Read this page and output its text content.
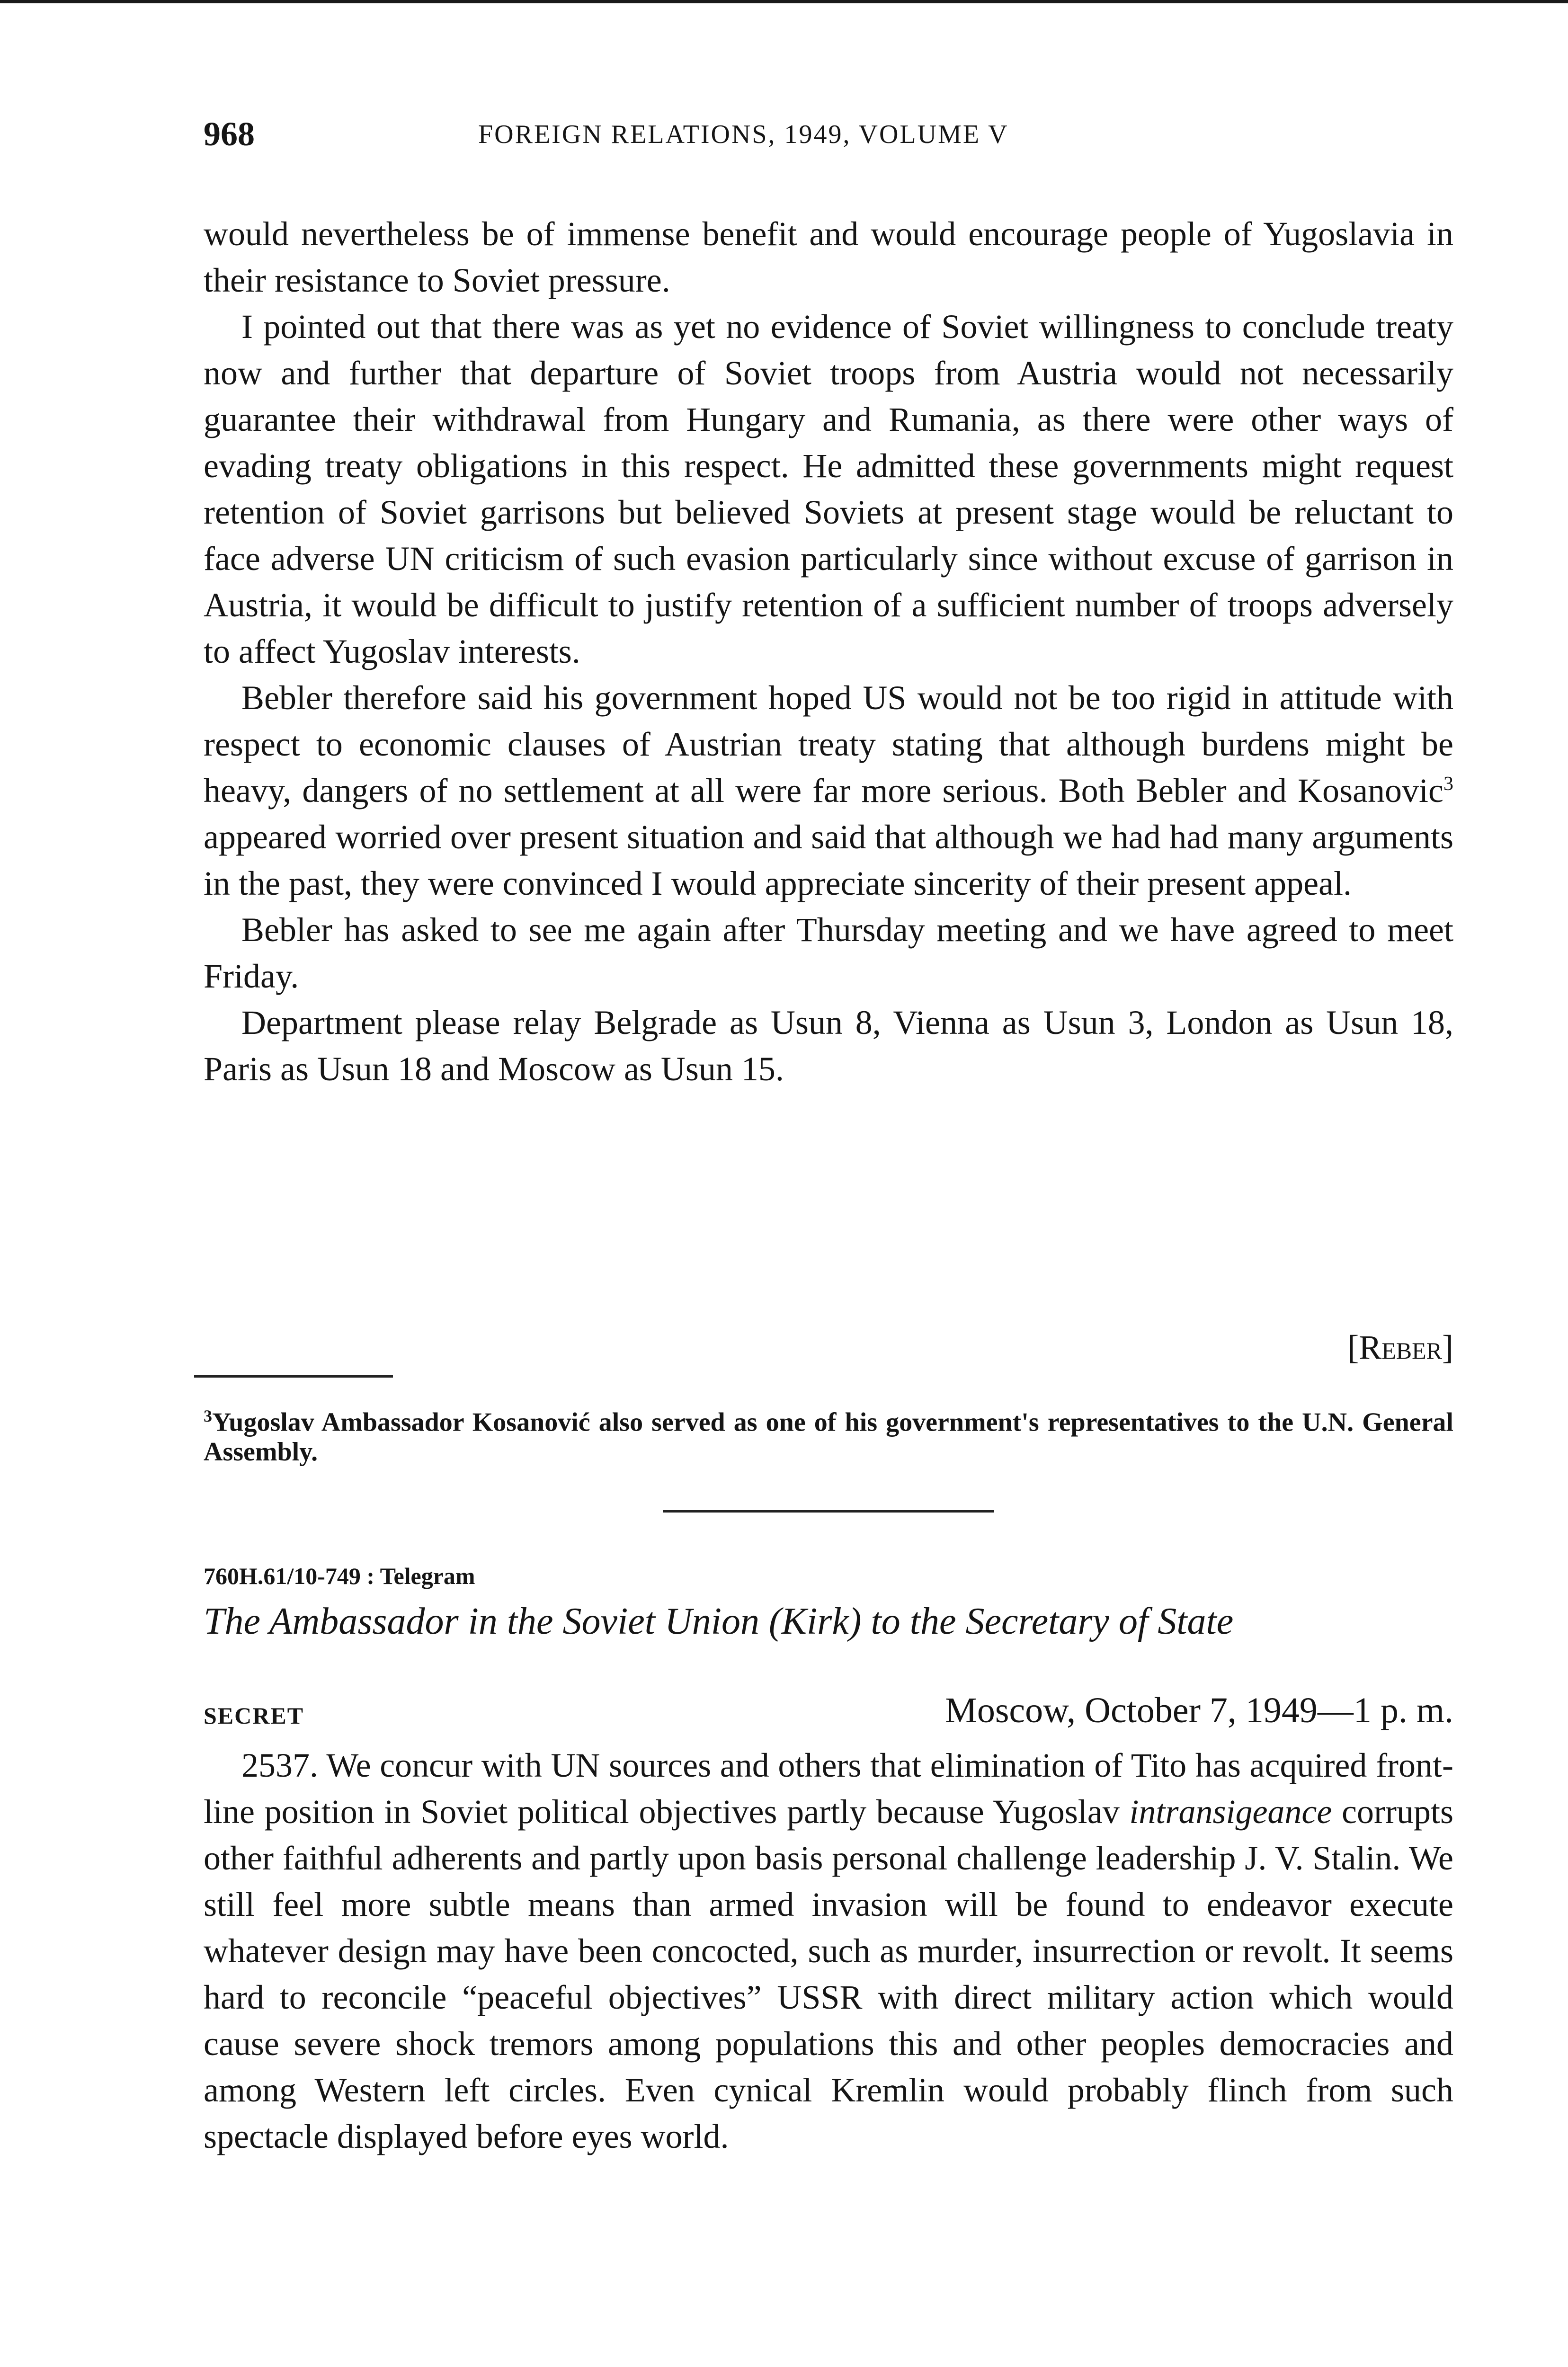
968	FOREIGN RELATIONS, 1949, VOLUME V

would nevertheless be of immense benefit and would encourage people of Yugoslavia in their resistance to Soviet pressure.

I pointed out that there was as yet no evidence of Soviet willingness to conclude treaty now and further that departure of Soviet troops from Austria would not necessarily guarantee their withdrawal from Hungary and Rumania, as there were other ways of evading treaty obligations in this respect. He admitted these governments might request retention of Soviet garrisons but believed Soviets at present stage would be reluctant to face adverse UN criticism of such evasion particularly since without excuse of garrison in Austria, it would be difficult to justify retention of a sufficient number of troops adversely to affect Yugoslav interests.

Bebler therefore said his government hoped US would not be too rigid in attitude with respect to economic clauses of Austrian treaty stating that although burdens might be heavy, dangers of no settlement at all were far more serious. Both Bebler and Kosanovic$^3$ appeared worried over present situation and said that although we had had many arguments in the past, they were convinced I would appreciate sincerity of their present appeal.

Bebler has asked to see me again after Thursday meeting and we have agreed to meet Friday.

Department please relay Belgrade as Usun 8, Vienna as Usun 3, London as Usun 18, Paris as Usun 18 and Moscow as Usun 15.

[Reber]
$^3$Yugoslav Ambassador Kosanović also served as one of his government's representatives to the U.N. General Assembly.
760H.61/10-749 : Telegram
The Ambassador in the Soviet Union (Kirk) to the Secretary of State
SECRET	Moscow, October 7, 1949—1 p. m.

2537. We concur with UN sources and others that elimination of Tito has acquired front-line position in Soviet political objectives partly because Yugoslav intransigeance corrupts other faithful adherents and partly upon basis personal challenge leadership J. V. Stalin. We still feel more subtle means than armed invasion will be found to endeavor execute whatever design may have been concocted, such as murder, insurrection or revolt. It seems hard to reconcile “peaceful objectives” USSR with direct military action which would cause severe shock tremors among populations this and other peoples democracies and among Western left circles. Even cynical Kremlin would probably flinch from such spectacle displayed before eyes world.
